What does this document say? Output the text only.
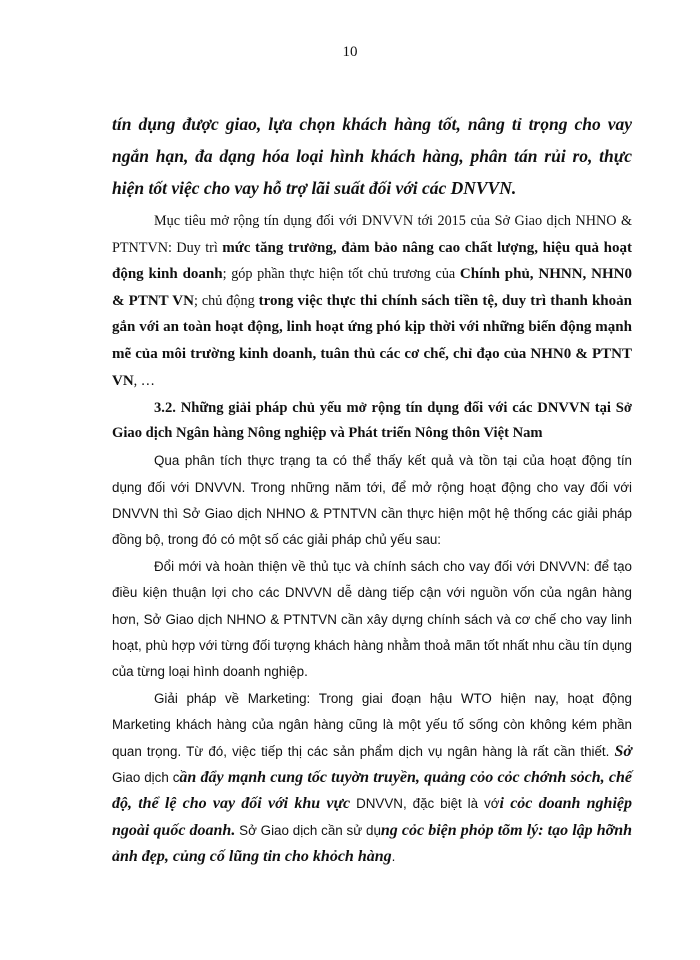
10

tín dụng được giao, lựa chọn khách hàng tốt, nâng tỉ trọng cho vay ngắn hạn, đa dạng hóa loại hình khách hàng, phân tán rủi ro, thực hiện tốt việc cho vay hỗ trợ lãi suất đối với các DNVVN.

Mục tiêu mở rộng tín dụng đối với DNVVN tới 2015 của Sở Giao dịch NHNO & PTNTVN: Duy trì mức tăng trưởng, đảm bảo nâng cao chất lượng, hiệu quả hoạt động kinh doanh; góp phần thực hiện tốt chủ trương của Chính phủ, NHNN, NHN0 & PTNT VN; chủ động trong việc thực thi chính sách tiền tệ, duy trì thanh khoản gắn với an toàn hoạt động, linh hoạt ứng phó kịp thời với những biến động mạnh mẽ của môi trường kinh doanh, tuân thủ các cơ chế, chỉ đạo của NHN0 & PTNT VN, …

3.2. Những giải pháp chủ yếu mở rộng tín dụng đối với các DNVVN tại Sở Giao dịch Ngân hàng Nông nghiệp và Phát triển Nông thôn Việt Nam

Qua phân tích thực trạng ta có thể thấy kết quả và tồn tại của hoạt động tín dụng đối với DNVVN. Trong những năm tới, để mở rộng hoạt động cho vay đối với DNVVN thì Sở Giao dịch NHNO & PTNTVN cần thực hiện một hệ thống các giải pháp đồng bộ, trong đó có một số các giải pháp chủ yếu sau:

Đổi mới và hoàn thiện về thủ tục và chính sách cho vay đối với DNVVN: để tạo điều kiện thuận lợi cho các DNVVN dễ dàng tiếp cận với nguồn vốn của ngân hàng hơn, Sở Giao dịch NHNO & PTNTVN cần xây dựng chính sách và cơ chế cho vay linh hoạt, phù hợp với từng đối tượng khách hàng nhằm thoả mãn tốt nhất nhu cầu tín dụng của từng loại hình doanh nghiệp.

Giải pháp về Marketing: Trong giai đoạn hậu WTO hiện nay, hoạt động Marketing khách hàng của ngân hàng cũng là một yếu tố sống còn không kém phần quan trọng. Từ đó, việc tiếp thị các sản phẩm dịch vụ ngân hàng là rất cần thiết. Sở Giao dịch cần đẩy mạnh cung tốc tuyờn truyền, quảng cỏo cỏc chớnh sỏch, chế độ, thể lệ cho vay đối với khu vực DNVVN, đặc biệt là với cỏc doanh nghiệp ngoài quốc doanh. Sở Giao dịch cần sử dụng cỏc biện phỏp tõm lý: tạo lập hỡnh ảnh đẹp, củng cố lũng tin cho khỏch hàng.
